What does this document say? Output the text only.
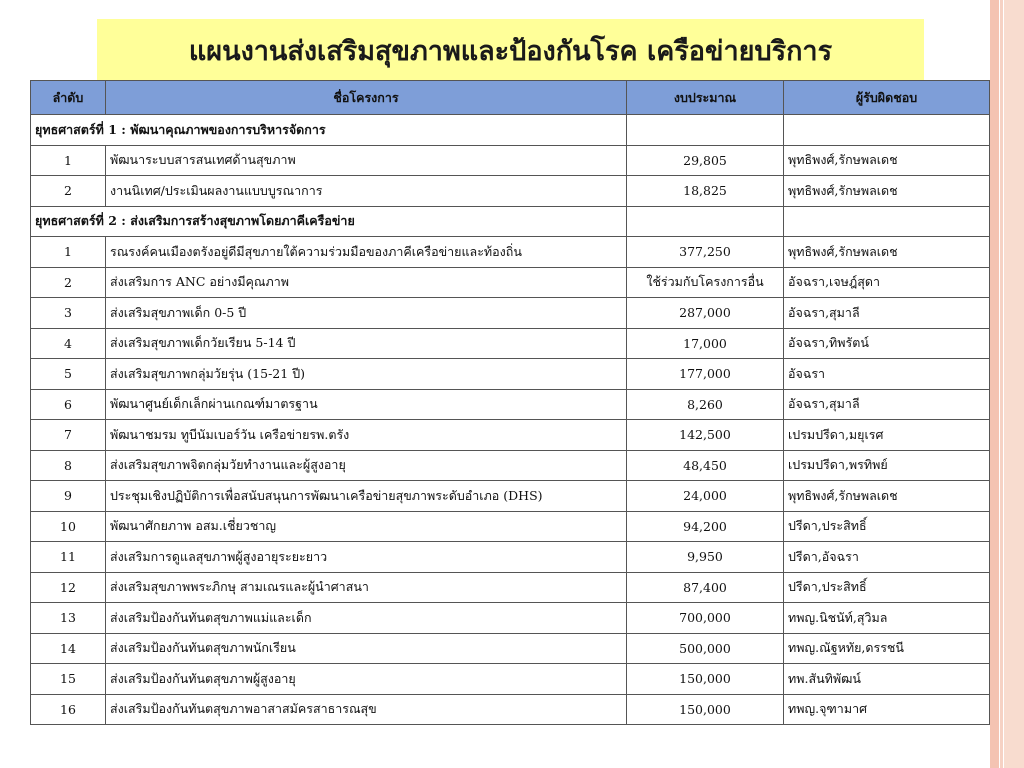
แผนงานส่งเสริมสุขภาพและป้องกันโรค เครือข่ายบริการ
ลำดับ	ชื่อโครงการ	งบประมาณ	ผู้รับผิดชอบ
ยุทธศาสตร์ที่ 1 : พัฒนาคุณภาพของการบริหารจัดการ			
1	พัฒนาระบบสารสนเทศด้านสุขภาพ	29,805	พุทธิพงศ์,รักษพลเดช
2	งานนิเทศ/ประเมินผลงานแบบบูรณาการ	18,825	พุทธิพงศ์,รักษพลเดช
ยุทธศาสตร์ที่ 2 : ส่งเสริมการสร้างสุขภาพโดยภาคีเครือข่าย			
1	รณรงค์คนเมืองตรังอยู่ดีมีสุขภายใต้ความร่วมมือของภาคีเครือข่ายและท้องถิ่น	377,250	พุทธิพงศ์,รักษพลเดช
2	ส่งเสริมการ ANC อย่างมีคุณภาพ	ใช้ร่วมกับโครงการอื่น	อัจฉรา,เจษฎ์สุดา
3	ส่งเสริมสุขภาพเด็ก 0-5 ปี	287,000	อัจฉรา,สุมาลี
4	ส่งเสริมสุขภาพเด็กวัยเรียน 5-14 ปี	17,000	อัจฉรา,ทิพรัตน์
5	ส่งเสริมสุขภาพกลุ่มวัยรุ่น (15-21 ปี)	177,000	อัจฉรา
6	พัฒนาศูนย์เด็กเล็กผ่านเกณฑ์มาตรฐาน	8,260	อัจฉรา,สุมาลี
7	พัฒนาชมรม ทูบีนัมเบอร์วัน เครือข่ายรพ.ตรัง	142,500	เปรมปรีดา,มยุเรศ
8	ส่งเสริมสุขภาพจิตกลุ่มวัยทำงานและผู้สูงอายุ	48,450	เปรมปรีดา,พรทิพย์
9	ประชุมเชิงปฏิบัติการเพื่อสนับสนุนการพัฒนาเครือข่ายสุขภาพระดับอำเภอ (DHS)	24,000	พุทธิพงศ์,รักษพลเดช
10	พัฒนาศักยภาพ อสม.เชี่ยวชาญ	94,200	ปรีดา,ประสิทธิ์
11	ส่งเสริมการดูแลสุขภาพผู้สูงอายุระยะยาว	9,950	ปรีดา,อัจฉรา
12	ส่งเสริมสุขภาพพระภิกษุ สามเณรและผู้นำศาสนา	87,400	ปรีดา,ประสิทธิ์
13	ส่งเสริมป้องกันทันตสุขภาพแม่และเด็ก	700,000	ทพญ.นิชนัท์,สุวิมล
14	ส่งเสริมป้องกันทันตสุขภาพนักเรียน	500,000	ทพญ.ณัฐหทัย,ดรรชนี
15	ส่งเสริมป้องกันทันตสุขภาพผู้สูงอายุ	150,000	ทพ.สันทิพัฒน์
16	ส่งเสริมป้องกันทันตสุขภาพอาสาสมัครสาธารณสุข	150,000	ทพญ.จุฑามาศ
